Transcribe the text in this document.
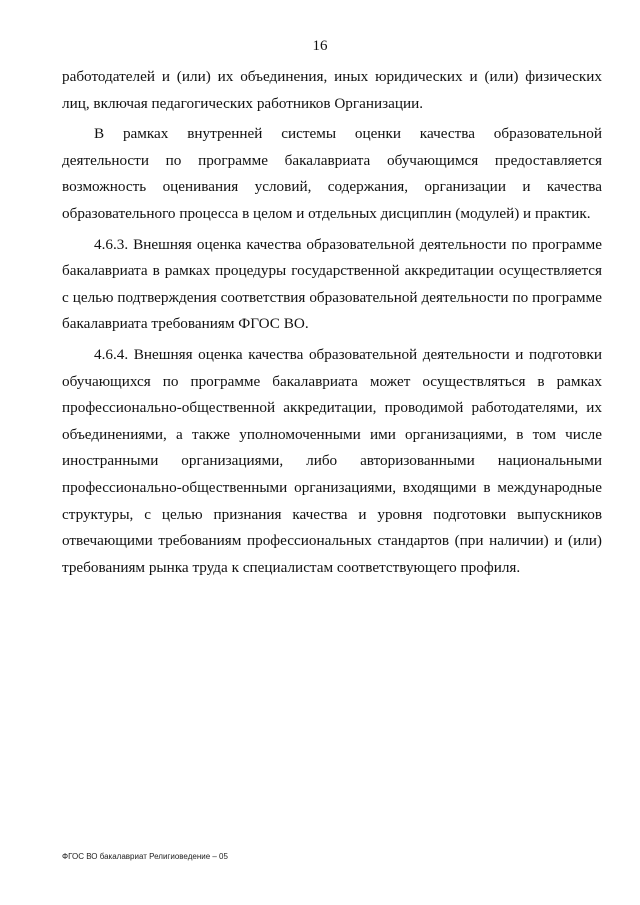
16

работодателей и (или) их объединения, иных юридических и (или) физических лиц, включая педагогических работников Организации.

В рамках внутренней системы оценки качества образовательной деятельности по программе бакалавриата обучающимся предоставляется возможность оценивания условий, содержания, организации и качества образовательного процесса в целом и отдельных дисциплин (модулей) и практик.

4.6.3. Внешняя оценка качества образовательной деятельности по программе бакалавриата в рамках процедуры государственной аккредитации осуществляется с целью подтверждения соответствия образовательной деятельности по программе бакалавриата требованиям ФГОС ВО.

4.6.4. Внешняя оценка качества образовательной деятельности и подготовки обучающихся по программе бакалавриата может осуществляться в рамках профессионально-общественной аккредитации, проводимой работодателями, их объединениями, а также уполномоченными ими организациями, в том числе иностранными организациями, либо авторизованными национальными профессионально-общественными организациями, входящими в международные структуры, с целью признания качества и уровня подготовки выпускников отвечающими требованиям профессиональных стандартов (при наличии) и (или) требованиям рынка труда к специалистам соответствующего профиля.

ФГОС ВО бакалавриат Религиоведение – 05
